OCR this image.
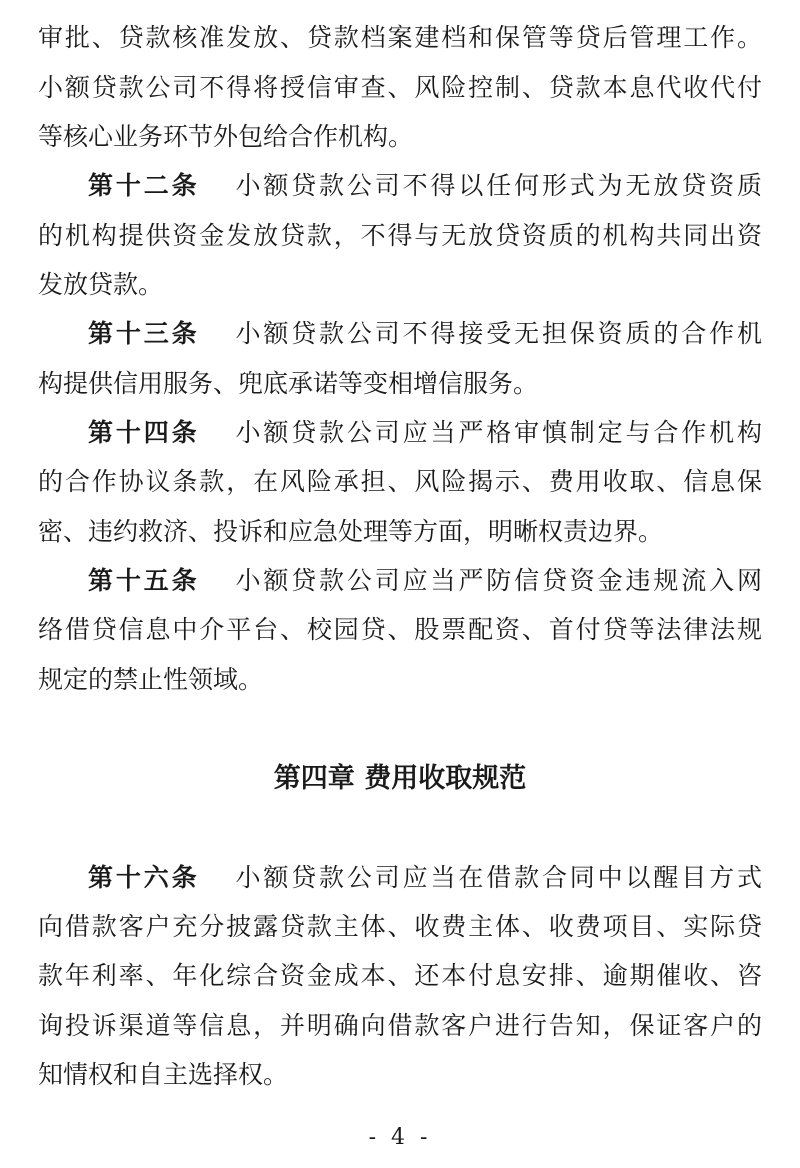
审批、贷款核准发放、贷款档案建档和保管等贷后管理工作。
小额贷款公司不得将授信审查、风险控制、贷款本息代收代付
等核心业务环节外包给合作机构。
第十二条 小额贷款公司不得以任何形式为无放贷资质
的机构提供资金发放贷款，不得与无放贷资质的机构共同出资
发放贷款。
第十三条 小额贷款公司不得接受无担保资质的合作机
构提供信用服务、兜底承诺等变相增信服务。
第十四条 小额贷款公司应当严格审慎制定与合作机构
的合作协议条款，在风险承担、风险揭示、费用收取、信息保
密、违约救济、投诉和应急处理等方面，明晰权责边界。
第十五条 小额贷款公司应当严防信贷资金违规流入网
络借贷信息中介平台、校园贷、股票配资、首付贷等法律法规
规定的禁止性领域。
第四章 费用收取规范
第十六条 小额贷款公司应当在借款合同中以醒目方式
向借款客户充分披露贷款主体、收费主体、收费项目、实际贷
款年利率、年化综合资金成本、还本付息安排、逾期催收、咨
询投诉渠道等信息，并明确向借款客户进行告知，保证客户的
知情权和自主选择权。
- 4 -
